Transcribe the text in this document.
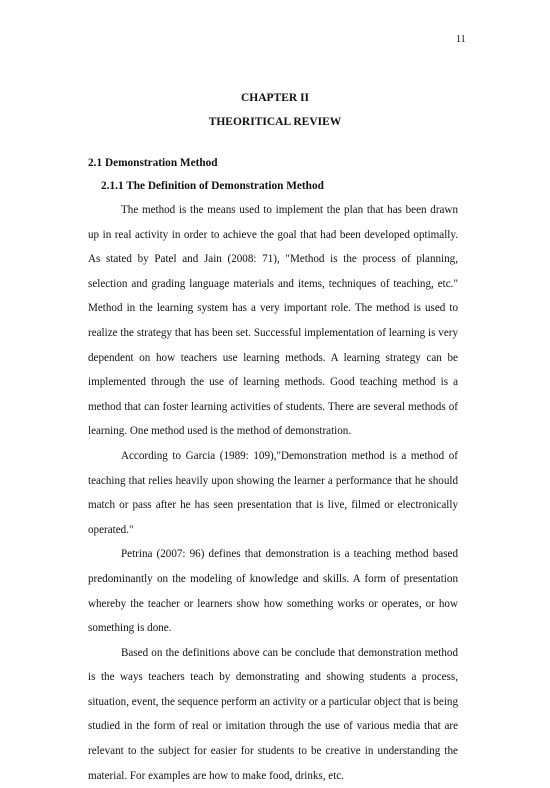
11
CHAPTER II
THEORITICAL REVIEW
2.1 Demonstration Method
2.1.1 The Definition of Demonstration Method

The method is the means used to implement the plan that has been drawn up in real activity in order to achieve the goal that had been developed optimally. As stated by Patel and Jain (2008: 71), "Method is the process of planning, selection and grading language materials and items, techniques of teaching, etc." Method in the learning system has a very important role. The method is used to realize the strategy that has been set. Successful implementation of learning is very dependent on how teachers use learning methods. A learning strategy can be implemented through the use of learning methods. Good teaching method is a method that can foster learning activities of students. There are several methods of learning. One method used is the method of demonstration.

According to Garcia (1989: 109),"Demonstration method is a method of teaching that relies heavily upon showing the learner a performance that he should match or pass after he has seen presentation that is live, filmed or electronically operated."

Petrina (2007: 96) defines that demonstration is a teaching method based predominantly on the modeling of knowledge and skills. A form of presentation whereby the teacher or learners show how something works or operates, or how something is done.

Based on the definitions above can be conclude that demonstration method is the ways teachers teach by demonstrating and showing students a process, situation, event, the sequence perform an activity or a particular object that is being studied in the form of real or imitation through the use of various media that are relevant to the subject for easier for students to be creative in understanding the material. For examples are how to make food, drinks, etc.
